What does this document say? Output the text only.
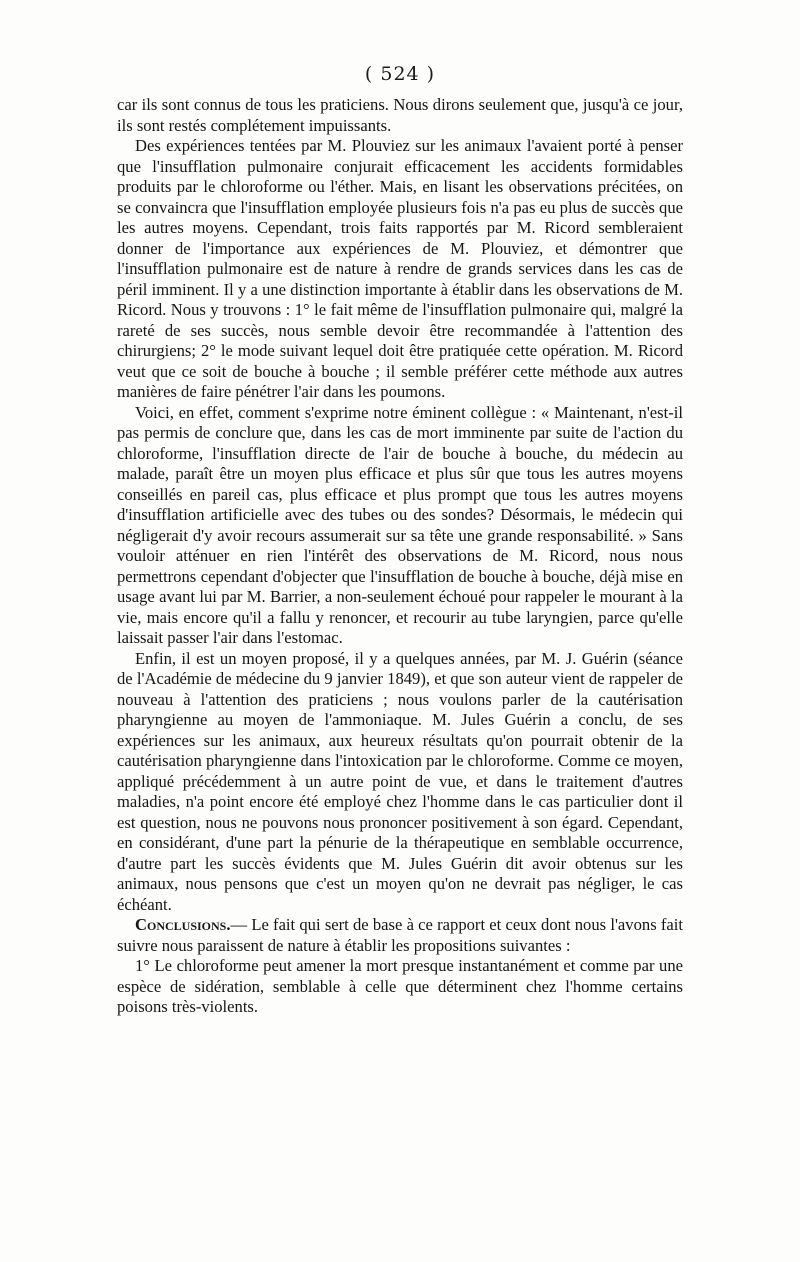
( 524 )

car ils sont connus de tous les praticiens. Nous dirons seulement que, jusqu'à ce jour, ils sont restés complétement impuissants.

Des expériences tentées par M. Plouviez sur les animaux l'avaient porté à penser que l'insufflation pulmonaire conjurait efficacement les accidents formidables produits par le chloroforme ou l'éther. Mais, en lisant les observations précitées, on se convaincra que l'insufflation employée plusieurs fois n'a pas eu plus de succès que les autres moyens. Cependant, trois faits rapportés par M. Ricord sembleraient donner de l'importance aux expériences de M. Plouviez, et démontrer que l'insufflation pulmonaire est de nature à rendre de grands services dans les cas de péril imminent. Il y a une distinction importante à établir dans les observations de M. Ricord. Nous y trouvons : 1° le fait même de l'insufflation pulmonaire qui, malgré la rareté de ses succès, nous semble devoir être recommandée à l'attention des chirurgiens; 2° le mode suivant lequel doit être pratiquée cette opération. M. Ricord veut que ce soit de bouche à bouche ; il semble préférer cette méthode aux autres manières de faire pénétrer l'air dans les poumons.

Voici, en effet, comment s'exprime notre éminent collègue : « Maintenant, n'est-il pas permis de conclure que, dans les cas de mort imminente par suite de l'action du chloroforme, l'insufflation directe de l'air de bouche à bouche, du médecin au malade, paraît être un moyen plus efficace et plus sûr que tous les autres moyens conseillés en pareil cas, plus efficace et plus prompt que tous les autres moyens d'insufflation artificielle avec des tubes ou des sondes? Désormais, le médecin qui négligerait d'y avoir recours assumerait sur sa tête une grande responsabilité. » Sans vouloir atténuer en rien l'intérêt des observations de M. Ricord, nous nous permettrons cependant d'objecter que l'insufflation de bouche à bouche, déjà mise en usage avant lui par M. Barrier, a non-seulement échoué pour rappeler le mourant à la vie, mais encore qu'il a fallu y renoncer, et recourir au tube laryngien, parce qu'elle laissait passer l'air dans l'estomac.

Enfin, il est un moyen proposé, il y a quelques années, par M. J. Guérin (séance de l'Académie de médecine du 9 janvier 1849), et que son auteur vient de rappeler de nouveau à l'attention des praticiens ; nous voulons parler de la cautérisation pharyngienne au moyen de l'ammoniaque. M. Jules Guérin a conclu, de ses expériences sur les animaux, aux heureux résultats qu'on pourrait obtenir de la cautérisation pharyngienne dans l'intoxication par le chloroforme. Comme ce moyen, appliqué précédemment à un autre point de vue, et dans le traitement d'autres maladies, n'a point encore été employé chez l'homme dans le cas particulier dont il est question, nous ne pouvons nous prononcer positivement à son égard. Cependant, en considérant, d'une part la pénurie de la thérapeutique en semblable occurrence, d'autre part les succès évidents que M. Jules Guérin dit avoir obtenus sur les animaux, nous pensons que c'est un moyen qu'on ne devrait pas négliger, le cas échéant.

Conclusions.— Le fait qui sert de base à ce rapport et ceux dont nous l'avons fait suivre nous paraissent de nature à établir les propositions suivantes :

1° Le chloroforme peut amener la mort presque instantanément et comme par une espèce de sidération, semblable à celle que déterminent chez l'homme certains poisons très-violents.
